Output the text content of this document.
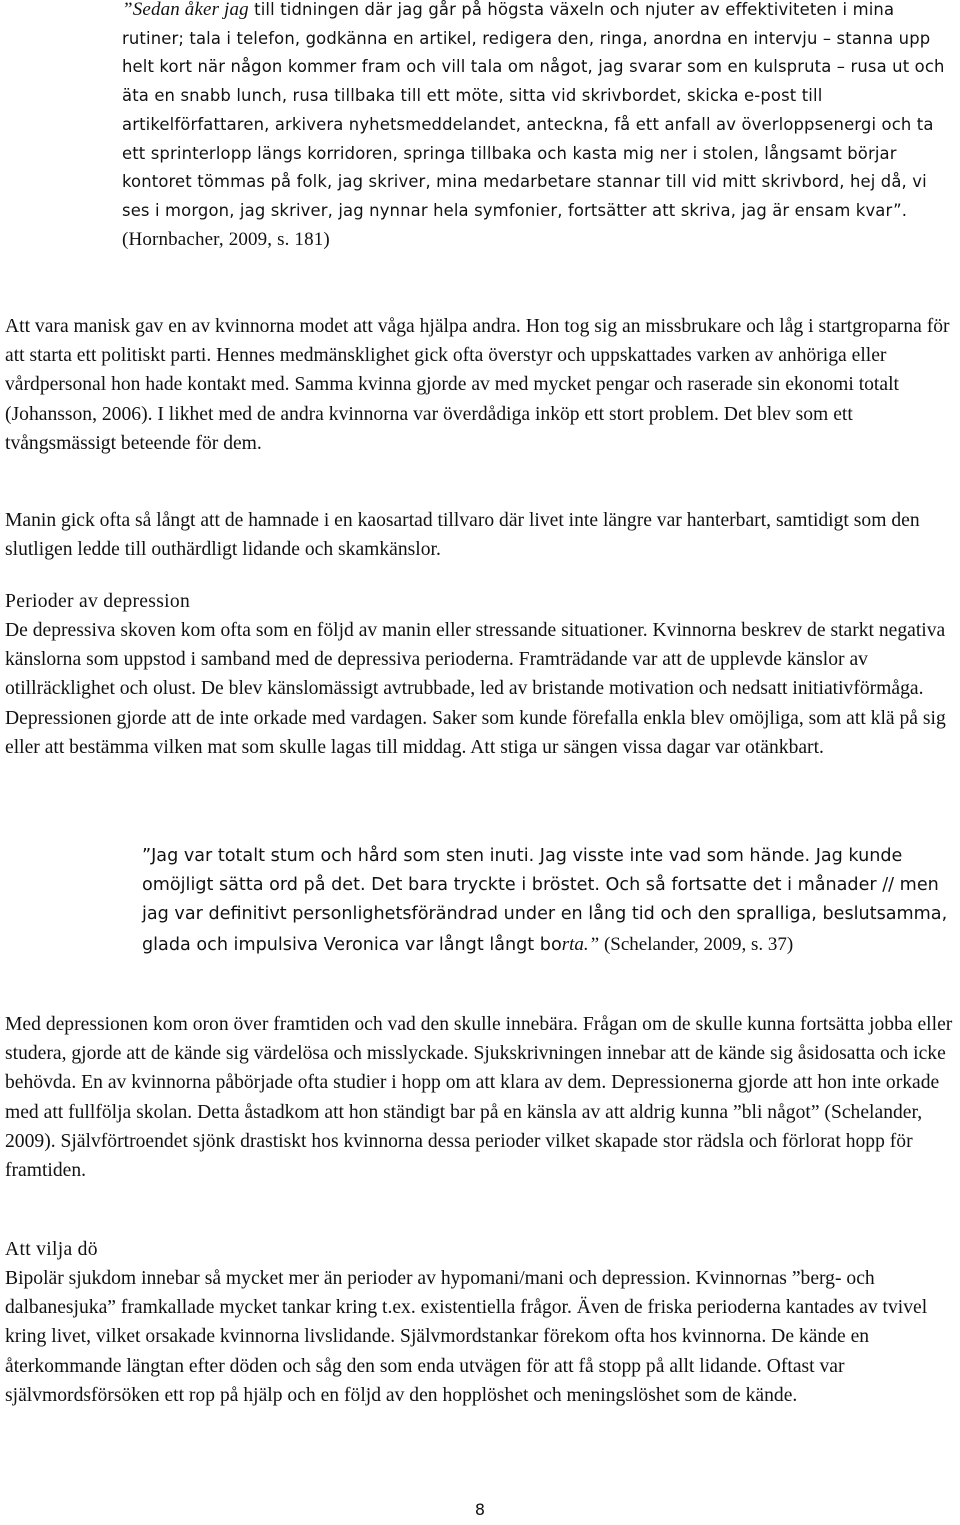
”Sedan åker jag till tidningen där jag går på högsta växeln och njuter av effektiviteten i mina rutiner; tala i telefon, godkänna en artikel, redigera den, ringa, anordna en intervju – stanna upp helt kort när någon kommer fram och vill tala om något, jag svarar som en kulspruta – rusa ut och äta en snabb lunch, rusa tillbaka till ett möte, sitta vid skrivbordet, skicka e-post till artikelförfattaren, arkivera nyhetsmeddelandet, anteckna, få ett anfall av överloppsenergi och ta ett sprinterlopp längs korridoren, springa tillbaka och kasta mig ner i stolen, långsamt börjar kontoret tömmas på folk, jag skriver, mina medarbetare stannar till vid mitt skrivbord, hej då, vi ses i morgon, jag skriver, jag nynnar hela symfonier, fortsätter att skriva, jag är ensam kvar”. (Hornbacher, 2009, s. 181)

Att vara manisk gav en av kvinnorna modet att våga hjälpa andra. Hon tog sig an missbrukare och låg i startgroparna för att starta ett politiskt parti. Hennes medmänsklighet gick ofta överstyr och uppskattades varken av anhöriga eller vårdpersonal hon hade kontakt med. Samma kvinna gjorde av med mycket pengar och raserade sin ekonomi totalt (Johansson, 2006). I likhet med de andra kvinnorna var överdådiga inköp ett stort problem. Det blev som ett tvångsmässigt beteende för dem.

Manin gick ofta så långt att de hamnade i en kaosartad tillvaro där livet inte längre var hanterbart, samtidigt som den slutligen ledde till outhärdligt lidande och skamkänslor.

Perioder av depression

De depressiva skoven kom ofta som en följd av manin eller stressande situationer. Kvinnorna beskrev de starkt negativa känslorna som uppstod i samband med de depressiva perioderna. Framträdande var att de upplevde känslor av otillräcklighet och olust. De blev känslomässigt avtrubbade, led av bristande motivation och nedsatt initiativförmåga. Depressionen gjorde att de inte orkade med vardagen. Saker som kunde förefalla enkla blev omöjliga, som att klä på sig eller att bestämma vilken mat som skulle lagas till middag. Att stiga ur sängen vissa dagar var otänkbart.

”Jag var totalt stum och hård som sten inuti. Jag visste inte vad som hände. Jag kunde omöjligt sätta ord på det. Det bara tryckte i bröstet. Och så fortsatte det i månader // men jag var definitivt personlighetsförändrad under en lång tid och den spralliga, beslutsamma, glada och impulsiva Veronica var långt långt borta.” (Schelander, 2009, s. 37)

Med depressionen kom oron över framtiden och vad den skulle innebära. Frågan om de skulle kunna fortsätta jobba eller studera, gjorde att de kände sig värdelösa och misslyckade. Sjukskrivningen innebar att de kände sig åsidosatta och icke behövda. En av kvinnorna påbörjade ofta studier i hopp om att klara av dem. Depressionerna gjorde att hon inte orkade med att fullfölja skolan. Detta åstadkom att hon ständigt bar på en känsla av att aldrig kunna ”bli något” (Schelander, 2009). Självförtroendet sjönk drastiskt hos kvinnorna dessa perioder vilket skapade stor rädsla och förlorat hopp för framtiden.

Att vilja dö

Bipolär sjukdom innebar så mycket mer än perioder av hypomani/mani och depression. Kvinnornas ”berg- och dalbanesjuka” framkallade mycket tankar kring t.ex. existentiella frågor. Även de friska perioderna kantades av tvivel kring livet, vilket orsakade kvinnorna livslidande. Självmordstankar förekom ofta hos kvinnorna. De kände en återkommande längtan efter döden och såg den som enda utvägen för att få stopp på allt lidande. Oftast var självmordsförsöken ett rop på hjälp och en följd av den hopplöshet och meningslöshet som de kände.

8
